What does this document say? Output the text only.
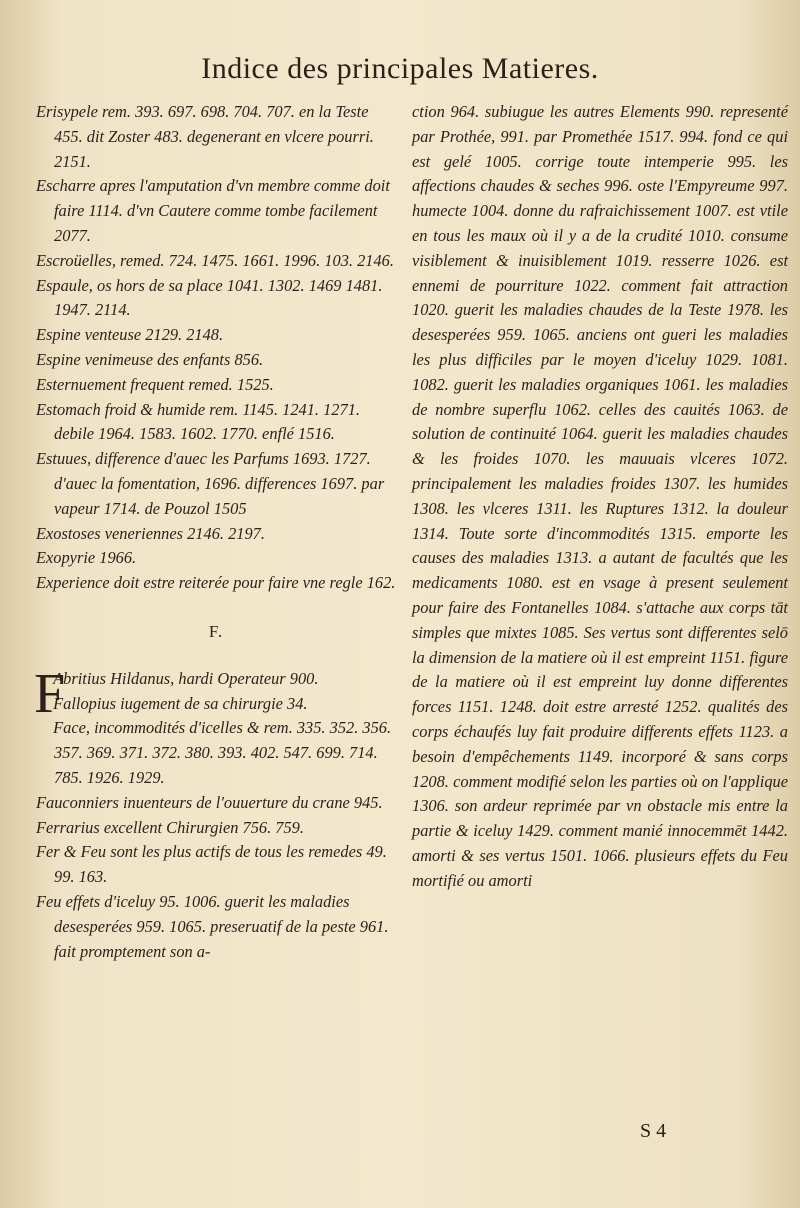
Indice des principales Matieres.

Erisypele rem. 393. 697. 698. 704. 707. en la Teste 455. dit Zoster 483. degenerant en vlcere pourri. 2151.

Escharre apres l'amputation d'vn membre comme doit faire 1114. d'vn Cautere comme tombe facilement 2077.

Escroüelles, remed. 724. 1475. 1661. 1996. 103. 2146.

Espaule, os hors de sa place 1041. 1302. 1469 1481. 1947. 2114.

Espine venteuse 2129. 2148.

Espine venimeuse des enfants 856.

Esternuement frequent remed. 1525.

Estomach froid & humide rem. 1145. 1241. 1271. debile 1964. 1583. 1602. 1770. enflé 1516.

Estuues, difference d'auec les Parfums 1693. 1727. d'auec la fomentation, 1696. differences 1697. par vapeur 1714. de Pouzol 1505

Exostoses veneriennes 2146. 2197.

Exopyrie 1966.

Experience doit estre reiterée pour faire vne regle 162.

F.
F

Abritius Hildanus, hardi Operateur 900.

Fallopius iugement de sa chirurgie 34.

Face, incommodités d'icelles & rem. 335. 352. 356. 357. 369. 371. 372. 380. 393. 402. 547. 699. 714. 785. 1926. 1929.

Fauconniers inuenteurs de l'ouuerture du crane 945.

Ferrarius excellent Chirurgien 756. 759.

Fer & Feu sont les plus actifs de tous les remedes 49. 99. 163.

Feu effets d'iceluy 95. 1006. guerit les maladies desesperées 959. 1065. preseruatif de la peste 961. fait promptement son a-

ction 964. subiugue les autres Elements 990. representé par Prothée, 991. par Promethée 1517. 994. fond ce qui est gelé 1005. corrige toute intemperie 995. les affections chaudes & seches 996. oste l'Empyreume 997. humecte 1004. donne du rafraichissement 1007. est vtile en tous les maux où il y a de la crudité 1010. consume visiblement & inuisiblement 1019. resserre 1026. est ennemi de pourriture 1022. comment fait attraction 1020. guerit les maladies chaudes de la Teste 1978. les desesperées 959. 1065. anciens ont gueri les maladies les plus difficiles par le moyen d'iceluy 1029. 1081. 1082. guerit les maladies organiques 1061. les maladies de nombre superflu 1062. celles des cauités 1063. de solution de continuité 1064. guerit les maladies chaudes & les froides 1070. les mauuais vlceres 1072. principalement les maladies froides 1307. les humides 1308. les vlceres 1311. les Ruptures 1312. la douleur 1314. Toute sorte d'incommodités 1315. emporte les causes des maladies 1313. a autant de facultés que les medicaments 1080. est en vsage à present seulement pour faire des Fontanelles 1084. s'attache aux corps tāt simples que mixtes 1085. Ses vertus sont differentes selō la dimension de la matiere où il est empreint 1151. figure de la matiere où il est empreint luy donne differentes forces 1151. 1248. doit estre arresté 1252. qualités des corps échaufés luy fait produire differents effets 1123. a besoin d'empêchements 1149. incorporé & sans corps 1208. comment modifié selon les parties où on l'applique 1306. son ardeur reprimée par vn obstacle mis entre la partie & iceluy 1429. comment manié innocemmēt 1442. amorti & ses vertus 1501. 1066. plusieurs effets du Feu mortifié ou amorti

S 4
